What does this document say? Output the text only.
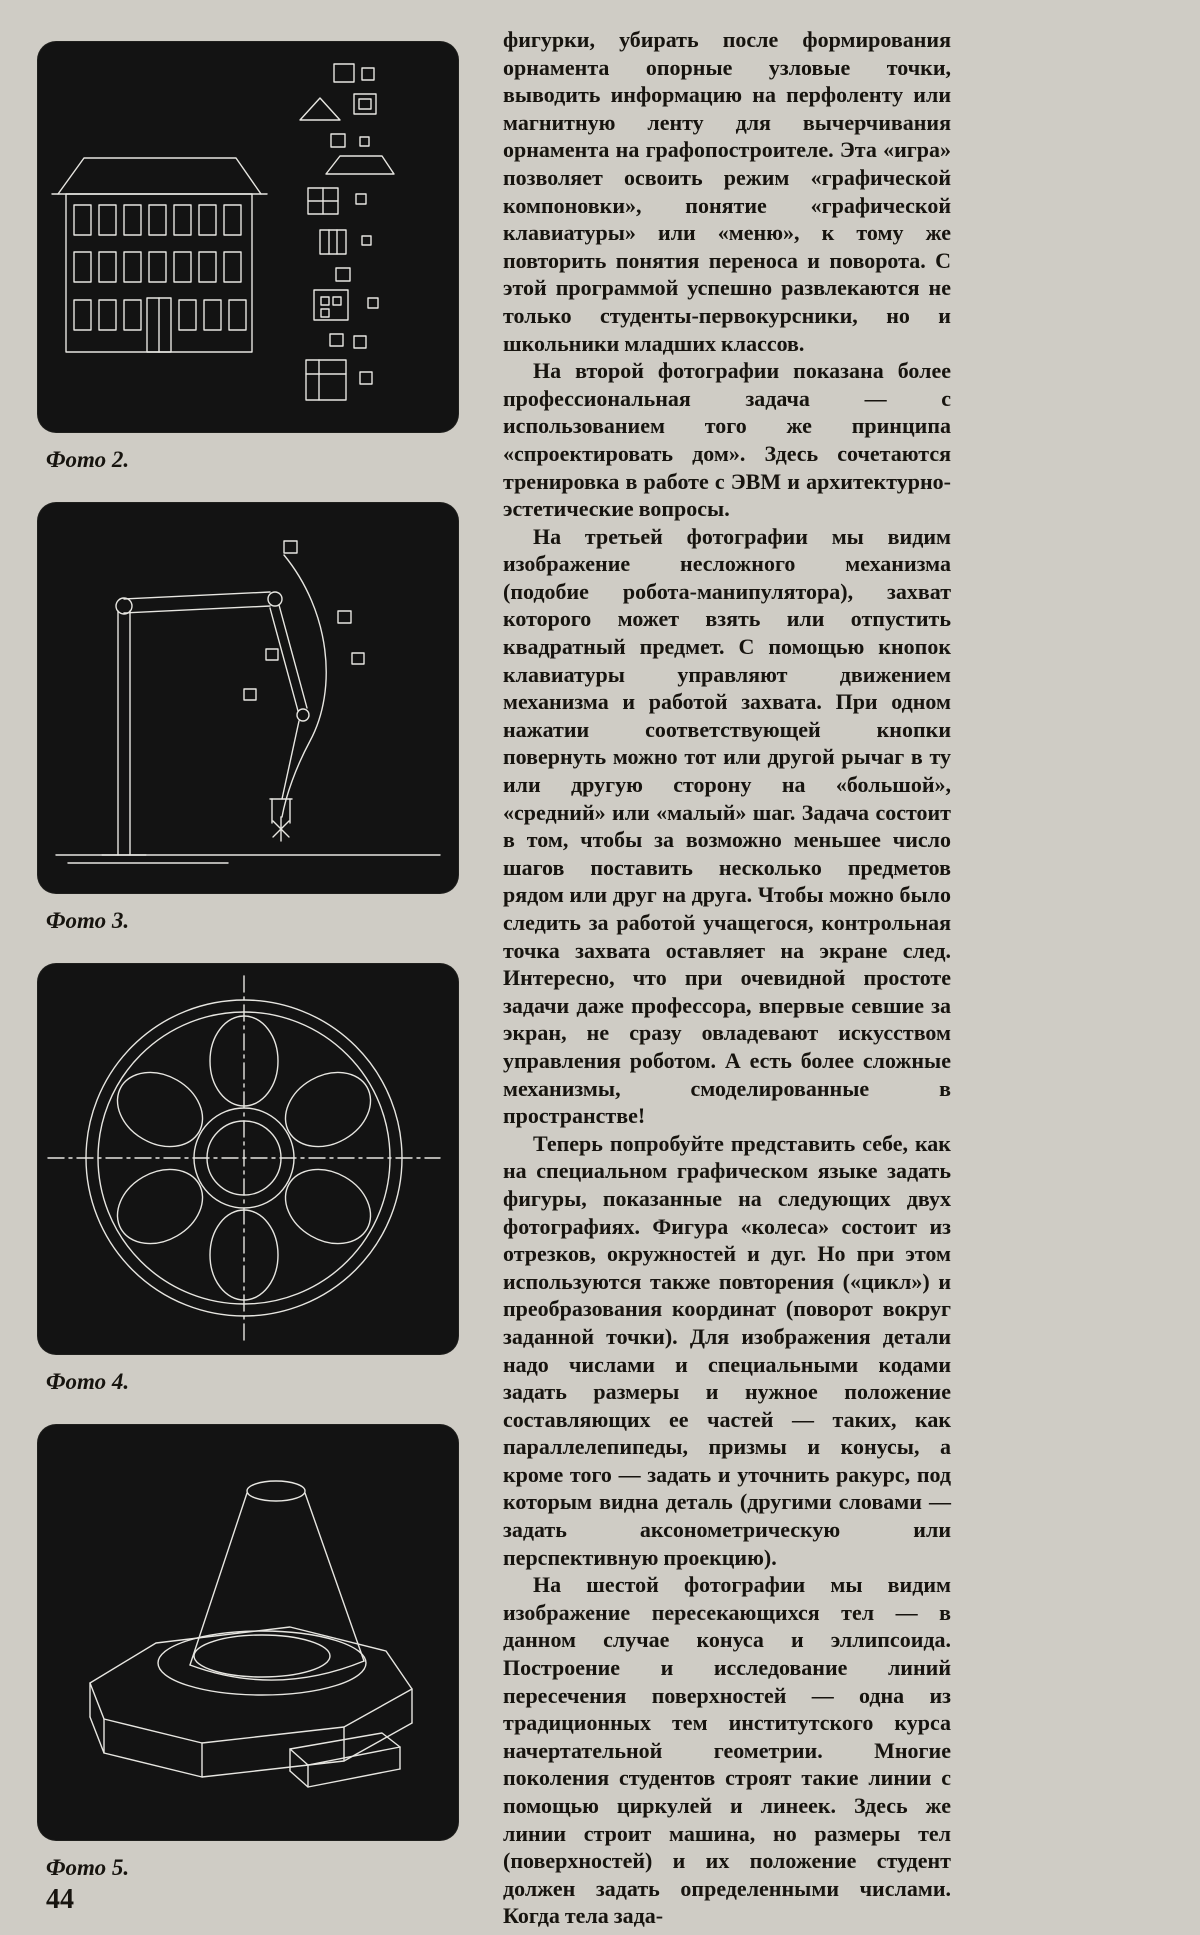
Фото 2.
Фото 3.
Фото 4.
Фото 5.

фигурки, убирать после формирования орнамента опорные узловые точки, выводить информацию на перфоленту или магнитную ленту для вычерчивания орнамента на графопостроителе. Эта «игра» позволяет освоить режим «графической компоновки», понятие «графической клавиатуры» или «меню», к тому же повторить понятия переноса и поворота. С этой программой успешно развлекаются не только студенты-первокурсники, но и школьники младших классов.

На второй фотографии показана более профессиональная задача — с использованием того же принципа «спроектировать дом». Здесь сочетаются тренировка в работе с ЭВМ и архитектурно-эстетические вопросы.

На третьей фотографии мы видим изображение несложного механизма (подобие робота-манипулятора), захват которого может взять или отпустить квадратный предмет. С помощью кнопок клавиатуры управляют движением механизма и работой захвата. При одном нажатии соответствующей кнопки повернуть можно тот или другой рычаг в ту или другую сторону на «большой», «средний» или «малый» шаг. Задача состоит в том, чтобы за возможно меньшее число шагов поставить несколько предметов рядом или друг на друга. Чтобы можно было следить за работой учащегося, контрольная точка захвата оставляет на экране след. Интересно, что при очевидной простоте задачи даже профессора, впервые севшие за экран, не сразу овладевают искусством управления роботом. А есть более сложные механизмы, смоделированные в пространстве!

Теперь попробуйте представить себе, как на специальном графическом языке задать фигуры, показанные на следующих двух фотографиях. Фигура «колеса» состоит из отрезков, окружностей и дуг. Но при этом используются также повторения («цикл») и преобразования координат (поворот вокруг заданной точки). Для изображения детали надо числами и специальными кодами задать размеры и нужное положение составляющих ее частей — таких, как параллелепипеды, призмы и конусы, а кроме того — задать и уточнить ракурс, под которым видна деталь (другими словами — задать аксонометрическую или перспективную проекцию).

На шестой фотографии мы видим изображение пересекающихся тел — в данном случае конуса и эллипсоида. Построение и исследование линий пересечения поверхностей — одна из традиционных тем институтского курса начертательной геометрии. Многие поколения студентов строят такие линии с помощью циркулей и линеек. Здесь же линии строит машина, но размеры тел (поверхностей) и их положение студент должен задать определенными числами. Когда тела зада-

44
